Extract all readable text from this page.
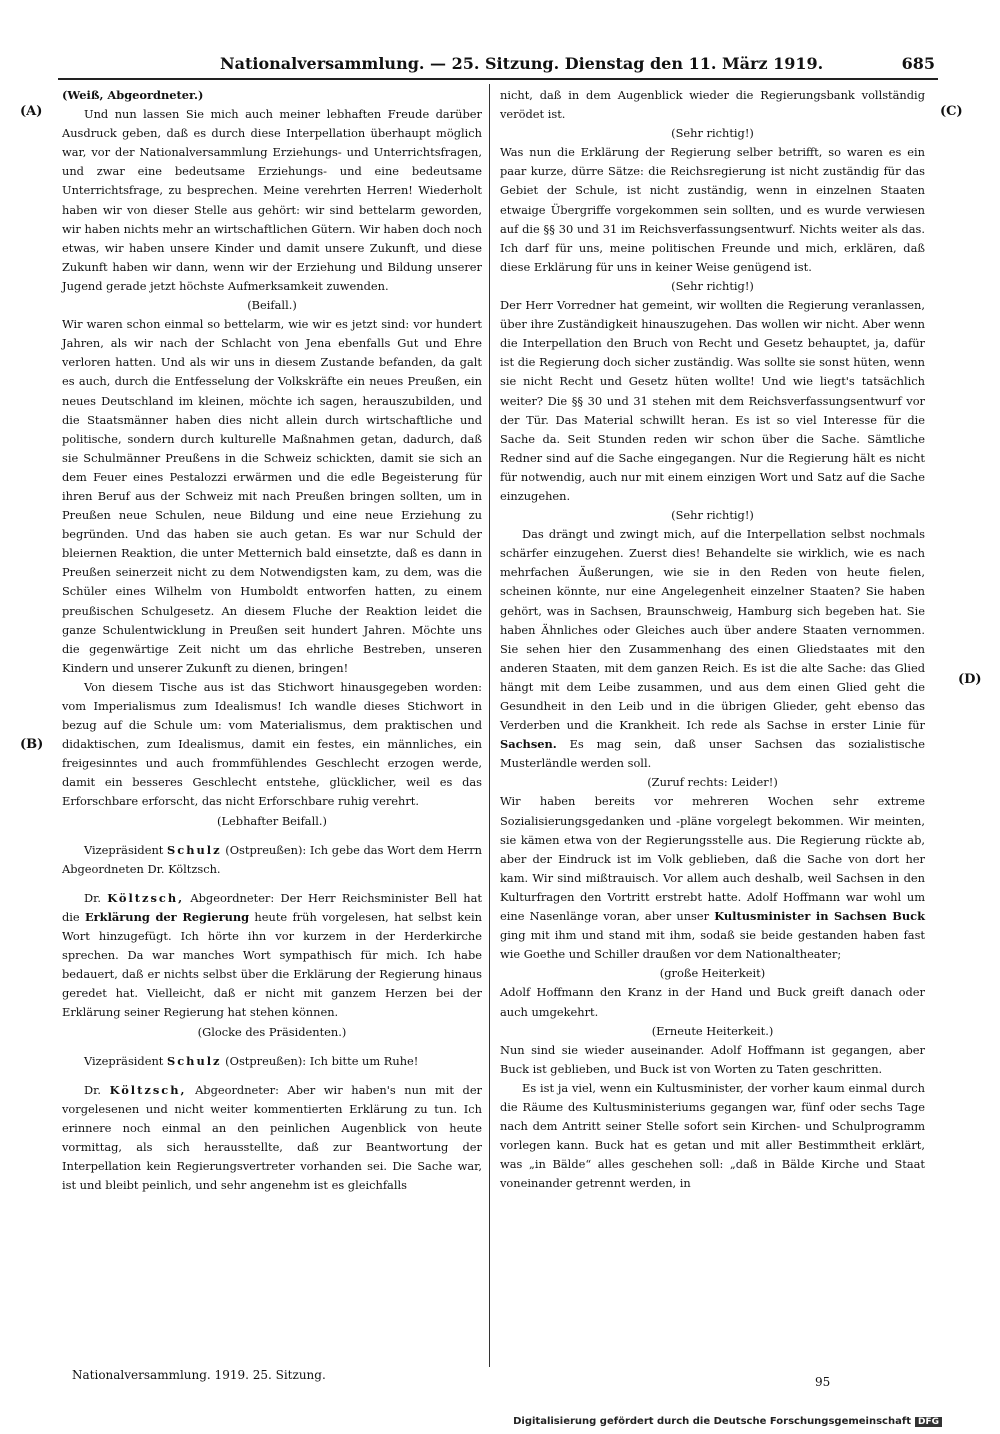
Nationalversammlung. — 25. Sitzung. Dienstag den 11. März 1919.	685
(A)
(B)
(C)
(D)

(Weiß, Abgeordneter.)

Und nun lassen Sie mich auch meiner lebhaften Freude darüber Ausdruck geben, daß es durch diese Interpellation überhaupt möglich war, vor der Nationalversammlung Erziehungs- und Unterrichtsfragen, und zwar eine bedeutsame Erziehungs- und eine bedeutsame Unterrichtsfrage, zu besprechen. Meine verehrten Herren! Wiederholt haben wir von dieser Stelle aus gehört: wir sind bettelarm geworden, wir haben nichts mehr an wirtschaftlichen Gütern. Wir haben doch noch etwas, wir haben unsere Kinder und damit unsere Zukunft, und diese Zukunft haben wir dann, wenn wir der Erziehung und Bildung unserer Jugend gerade jetzt höchste Aufmerksamkeit zuwenden.

(Beifall.)

Wir waren schon einmal so bettelarm, wie wir es jetzt sind: vor hundert Jahren, als wir nach der Schlacht von Jena ebenfalls Gut und Ehre verloren hatten. Und als wir uns in diesem Zustande befanden, da galt es auch, durch die Entfesselung der Volkskräfte ein neues Preußen, ein neues Deutschland im kleinen, möchte ich sagen, herauszubilden, und die Staatsmänner haben dies nicht allein durch wirtschaftliche und politische, sondern durch kulturelle Maßnahmen getan, dadurch, daß sie Schulmänner Preußens in die Schweiz schickten, damit sie sich an dem Feuer eines Pestalozzi erwärmen und die edle Begeisterung für ihren Beruf aus der Schweiz mit nach Preußen bringen sollten, um in Preußen neue Schulen, neue Bildung und eine neue Erziehung zu begründen. Und das haben sie auch getan. Es war nur Schuld der bleiernen Reaktion, die unter Metternich bald einsetzte, daß es dann in Preußen seinerzeit nicht zu dem Notwendigsten kam, zu dem, was die Schüler eines Wilhelm von Humboldt entworfen hatten, zu einem preußischen Schulgesetz. An diesem Fluche der Reaktion leidet die ganze Schulentwicklung in Preußen seit hundert Jahren. Möchte uns die gegenwärtige Zeit nicht um das ehrliche Bestreben, unseren Kindern und unserer Zukunft zu dienen, bringen!

Von diesem Tische aus ist das Stichwort hinausgegeben worden: vom Imperialismus zum Idealismus! Ich wandle dieses Stichwort in bezug auf die Schule um: vom Materialismus, dem praktischen und didaktischen, zum Idealismus, damit ein festes, ein männliches, ein freigesinntes und auch frommfühlendes Geschlecht erzogen werde, damit ein besseres Geschlecht entstehe, glücklicher, weil es das Erforschbare erforscht, das nicht Erforschbare ruhig verehrt.

(Lebhafter Beifall.)

Vizepräsident Schulz (Ostpreußen): Ich gebe das Wort dem Herrn Abgeordneten Dr. Költzsch.

Dr. Költzsch, Abgeordneter: Der Herr Reichsminister Bell hat die Erklärung der Regierung heute früh vorgelesen, hat selbst kein Wort hinzugefügt. Ich hörte ihn vor kurzem in der Herderkirche sprechen. Da war manches Wort sympathisch für mich. Ich habe bedauert, daß er nichts selbst über die Erklärung der Regierung hinaus geredet hat. Vielleicht, daß er nicht mit ganzem Herzen bei der Erklärung seiner Regierung hat stehen können.

(Glocke des Präsidenten.)

Vizepräsident Schulz (Ostpreußen): Ich bitte um Ruhe!

Dr. Költzsch, Abgeordneter: Aber wir haben's nun mit der vorgelesenen und nicht weiter kommentierten Erklärung zu tun. Ich erinnere noch einmal an den peinlichen Augenblick von heute vormittag, als sich herausstellte, daß zur Beantwortung der Interpellation kein Regierungsvertreter vorhanden sei. Die Sache war, ist und bleibt peinlich, und sehr angenehm ist es gleichfalls

nicht, daß in dem Augenblick wieder die Regierungsbank vollständig verödet ist.

(Sehr richtig!)

Was nun die Erklärung der Regierung selber betrifft, so waren es ein paar kurze, dürre Sätze: die Reichsregierung ist nicht zuständig für das Gebiet der Schule, ist nicht zuständig, wenn in einzelnen Staaten etwaige Übergriffe vorgekommen sein sollten, und es wurde verwiesen auf die §§ 30 und 31 im Reichsverfassungsentwurf. Nichts weiter als das. Ich darf für uns, meine politischen Freunde und mich, erklären, daß diese Erklärung für uns in keiner Weise genügend ist.

(Sehr richtig!)

Der Herr Vorredner hat gemeint, wir wollten die Regierung veranlassen, über ihre Zuständigkeit hinauszugehen. Das wollen wir nicht. Aber wenn die Interpellation den Bruch von Recht und Gesetz behauptet, ja, dafür ist die Regierung doch sicher zuständig. Was sollte sie sonst hüten, wenn sie nicht Recht und Gesetz hüten wollte! Und wie liegt's tatsächlich weiter? Die §§ 30 und 31 stehen mit dem Reichsverfassungsentwurf vor der Tür. Das Material schwillt heran. Es ist so viel Interesse für die Sache da. Seit Stunden reden wir schon über die Sache. Sämtliche Redner sind auf die Sache eingegangen. Nur die Regierung hält es nicht für notwendig, auch nur mit einem einzigen Wort und Satz auf die Sache einzugehen.

(Sehr richtig!)

Das drängt und zwingt mich, auf die Interpellation selbst nochmals schärfer einzugehen. Zuerst dies! Behandelte sie wirklich, wie es nach mehrfachen Äußerungen, wie sie in den Reden von heute fielen, scheinen könnte, nur eine Angelegenheit einzelner Staaten? Sie haben gehört, was in Sachsen, Braunschweig, Hamburg sich begeben hat. Sie haben Ähnliches oder Gleiches auch über andere Staaten vernommen. Sie sehen hier den Zusammenhang des einen Gliedstaates mit den anderen Staaten, mit dem ganzen Reich. Es ist die alte Sache: das Glied hängt mit dem Leibe zusammen, und aus dem einen Glied geht die Gesundheit in den Leib und in die übrigen Glieder, geht ebenso das Verderben und die Krankheit. Ich rede als Sachse in erster Linie für Sachsen. Es mag sein, daß unser Sachsen das sozialistische Musterländle werden soll.

(Zuruf rechts: Leider!)

Wir haben bereits vor mehreren Wochen sehr extreme Sozialisierungsgedanken und -pläne vorgelegt bekommen. Wir meinten, sie kämen etwa von der Regierungsstelle aus. Die Regierung rückte ab, aber der Eindruck ist im Volk geblieben, daß die Sache von dort her kam. Wir sind mißtrauisch. Vor allem auch deshalb, weil Sachsen in den Kulturfragen den Vortritt erstrebt hatte. Adolf Hoffmann war wohl um eine Nasenlänge voran, aber unser Kultusminister in Sachsen Buck ging mit ihm und stand mit ihm, sodaß sie beide gestanden haben fast wie Goethe und Schiller draußen vor dem Nationaltheater;

(große Heiterkeit)

Adolf Hoffmann den Kranz in der Hand und Buck greift danach oder auch umgekehrt.

(Erneute Heiterkeit.)

Nun sind sie wieder auseinander. Adolf Hoffmann ist gegangen, aber Buck ist geblieben, und Buck ist von Worten zu Taten geschritten.

Es ist ja viel, wenn ein Kultusminister, der vorher kaum einmal durch die Räume des Kultusministeriums gegangen war, fünf oder sechs Tage nach dem Antritt seiner Stelle sofort sein Kirchen- und Schulprogramm vorlegen kann. Buck hat es getan und mit aller Bestimmtheit erklärt, was „in Bälde“ alles geschehen soll: „daß in Bälde Kirche und Staat voneinander getrennt werden, in

Nationalversammlung. 1919. 25. Sitzung.	95
Digitalisierung gefördert durch die Deutsche Forschungsgemeinschaft DFG
